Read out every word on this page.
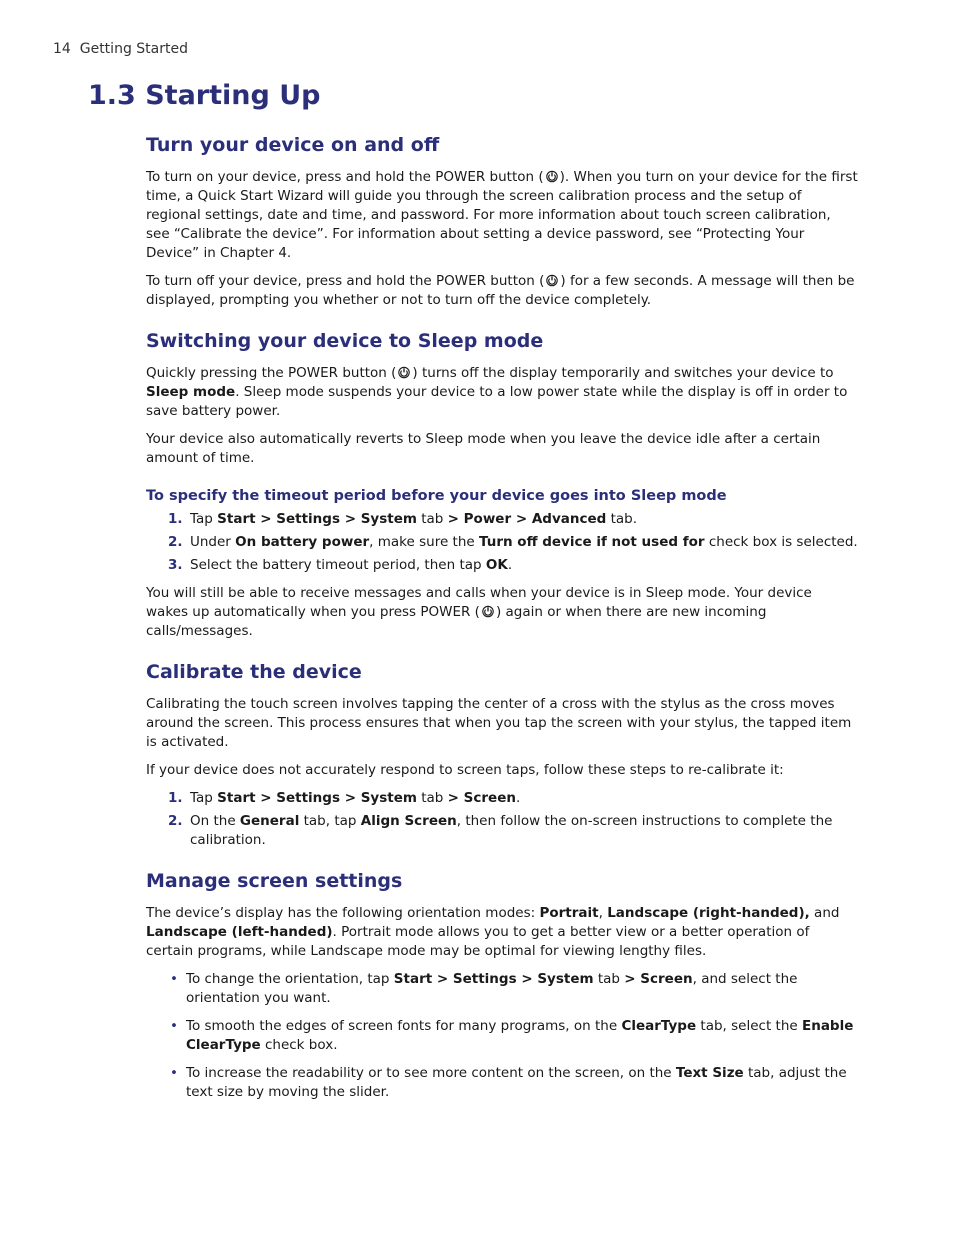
14 Getting Started
1.3 Starting Up
Turn your device on and off

To turn on your device, press and hold the POWER button ( ). When you turn on your device for the first time, a Quick Start Wizard will guide you through the screen calibration process and the setup of regional settings, date and time, and password. For more information about touch screen calibration, see “Calibrate the device”. For information about setting a device password, see “Protecting Your Device” in Chapter 4.

To turn off your device, press and hold the POWER button ( ) for a few seconds. A message will then be displayed, prompting you whether or not to turn off the device completely.

Switching your device to Sleep mode

Quickly pressing the POWER button ( ) turns off the display temporarily and switches your device to Sleep mode. Sleep mode suspends your device to a low power state while the display is off in order to save battery power.

Your device also automatically reverts to Sleep mode when you leave the device idle after a certain amount of time.

To specify the timeout period before your device goes into Sleep mode
1. Tap Start > Settings > System tab > Power > Advanced tab.
2. Under On battery power, make sure the Turn off device if not used for check box is selected.
3. Select the battery timeout period, then tap OK.

You will still be able to receive messages and calls when your device is in Sleep mode. Your device wakes up automatically when you press POWER ( ) again or when there are new incoming calls/messages.

Calibrate the device

Calibrating the touch screen involves tapping the center of a cross with the stylus as the cross moves around the screen. This process ensures that when you tap the screen with your stylus, the tapped item is activated.

If your device does not accurately respond to screen taps, follow these steps to re-calibrate it:

1. Tap Start > Settings > System tab > Screen.
2. On the General tab, tap Align Screen, then follow the on-screen instructions to complete the calibration.
Manage screen settings

The device’s display has the following orientation modes: Portrait, Landscape (right-handed), and Landscape (left-handed). Portrait mode allows you to get a better view or a better operation of certain programs, while Landscape mode may be optimal for viewing lengthy files.

• To change the orientation, tap Start > Settings > System tab > Screen, and select the orientation you want.
• To smooth the edges of screen fonts for many programs, on the ClearType tab, select the Enable ClearType check box.
• To increase the readability or to see more content on the screen, on the Text Size tab, adjust the text size by moving the slider.
